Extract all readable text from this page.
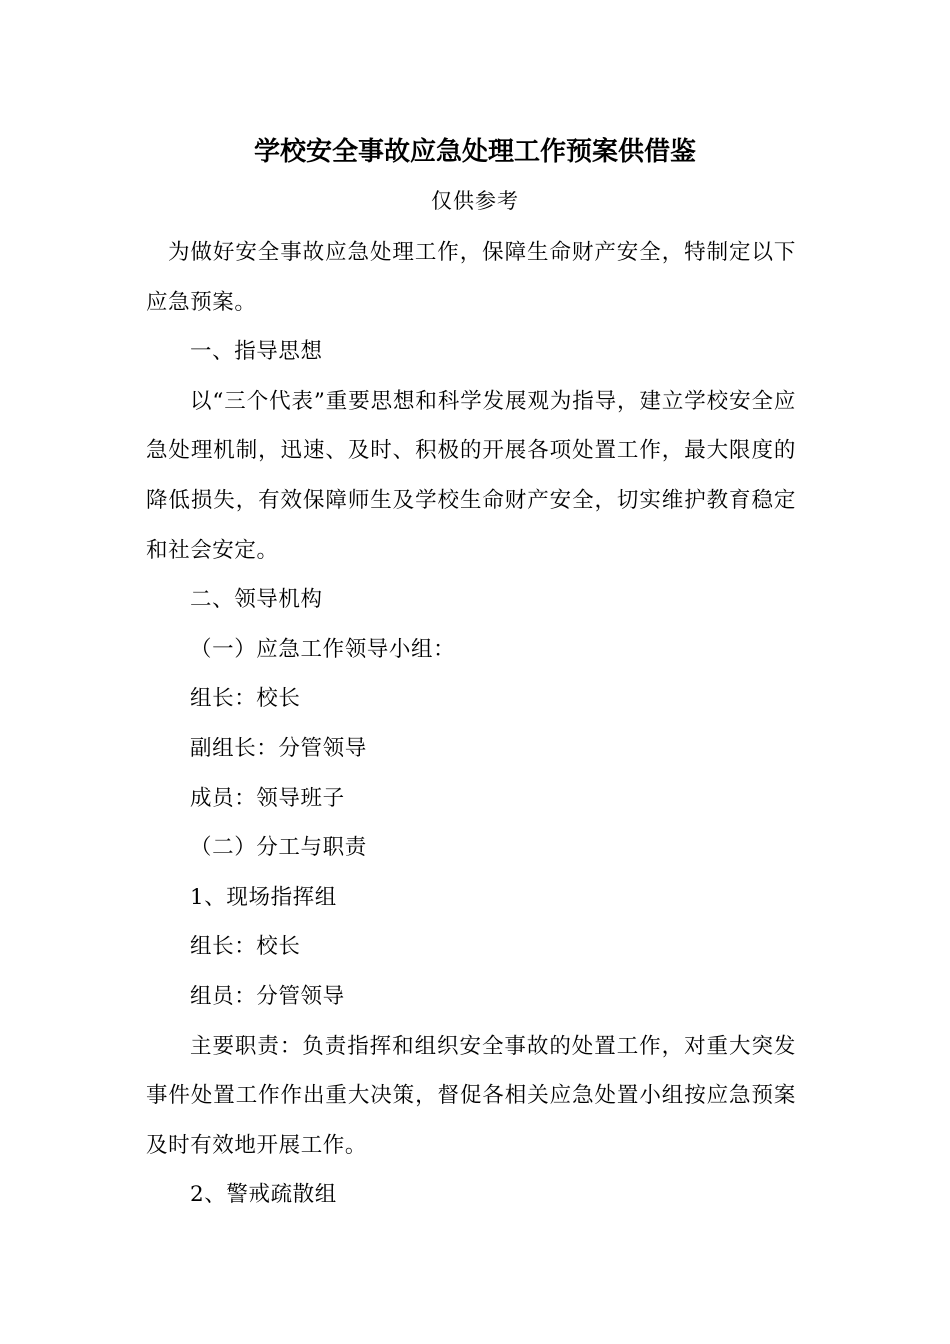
学校安全事故应急处理工作预案供借鉴
仅供参考

为做好安全事故应急处理工作，保障生命财产安全，特制定以下应急预案。

一、指导思想

以“三个代表”重要思想和科学发展观为指导，建立学校安全应急处理机制，迅速、及时、积极的开展各项处置工作，最大限度的降低损失，有效保障师生及学校生命财产安全，切实维护教育稳定和社会安定。

二、领导机构

（一）应急工作领导小组：

组长：校长

副组长：分管领导

成员：领导班子

（二）分工与职责

1、现场指挥组

组长：校长

组员：分管领导

主要职责：负责指挥和组织安全事故的处置工作，对重大突发事件处置工作作出重大决策，督促各相关应急处置小组按应急预案及时有效地开展工作。

2、警戒疏散组
